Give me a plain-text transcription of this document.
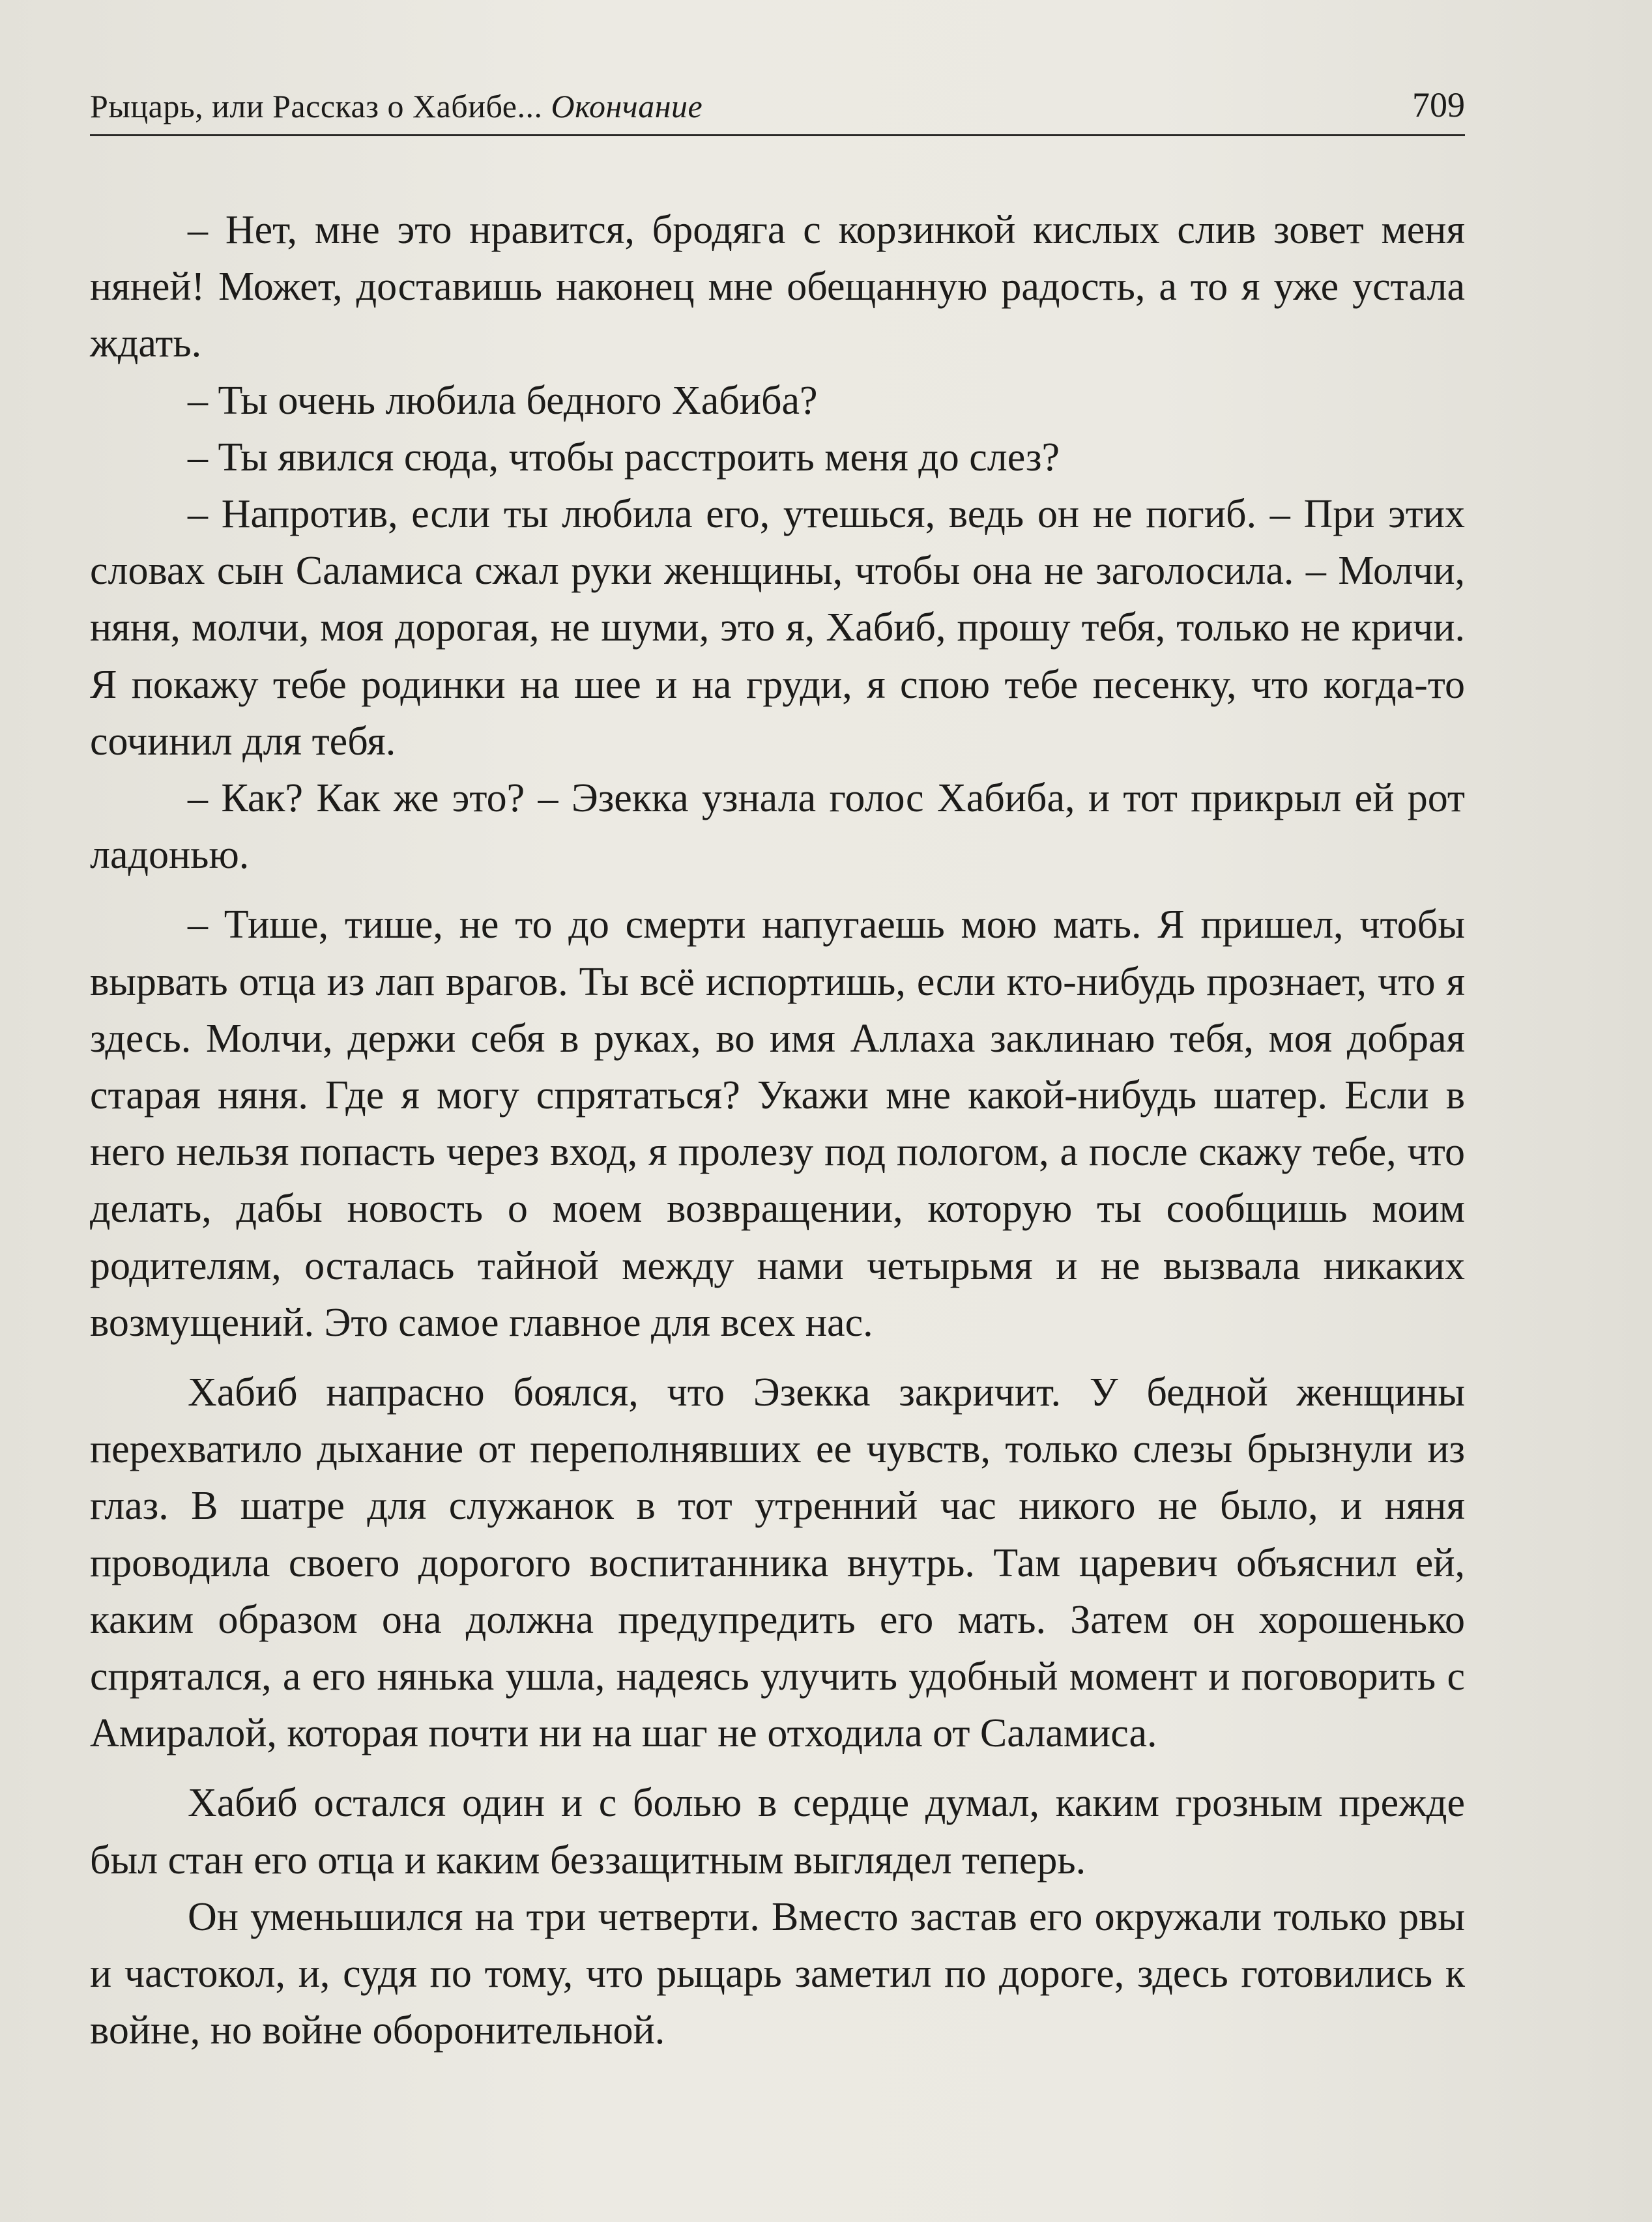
Рыцарь, или Рассказ о Хабибе... Окончание	709

– Нет, мне это нравится, бродяга с корзинкой кислых слив зовет меня няней! Может, доставишь наконец мне обещанную радость, а то я уже устала ждать.

– Ты очень любила бедного Хабиба?

– Ты явился сюда, чтобы расстроить меня до слез?

– Напротив, если ты любила его, утешься, ведь он не погиб. – При этих словах сын Саламиса сжал руки женщины, чтобы она не заголосила. – Молчи, няня, молчи, моя дорогая, не шуми, это я, Хабиб, прошу тебя, только не кричи. Я покажу тебе родинки на шее и на груди, я спою тебе песенку, что когда-то сочинил для тебя.

– Как? Как же это? – Эзекка узнала голос Хабиба, и тот прикрыл ей рот ладонью.

– Тише, тише, не то до смерти напугаешь мою мать. Я пришел, чтобы вырвать отца из лап врагов. Ты всё испортишь, если кто-нибудь прознает, что я здесь. Молчи, держи себя в руках, во имя Аллаха заклинаю тебя, моя добрая старая няня. Где я могу спрятаться? Укажи мне какой-нибудь шатер. Если в него нельзя попасть через вход, я пролезу под пологом, а после скажу тебе, что делать, дабы новость о моем возвращении, которую ты сообщишь моим родителям, осталась тайной между нами четырьмя и не вызвала никаких возмущений. Это самое главное для всех нас.

Хабиб напрасно боялся, что Эзекка закричит. У бедной женщины перехватило дыхание от переполнявших ее чувств, только слезы брызнули из глаз. В шатре для служанок в тот утренний час никого не было, и няня проводила своего дорогого воспитанника внутрь. Там царевич объяснил ей, каким образом она должна предупредить его мать. Затем он хорошенько спрятался, а его нянька ушла, надеясь улучить удобный момент и поговорить с Амиралой, которая почти ни на шаг не отходила от Саламиса.

Хабиб остался один и с болью в сердце думал, каким грозным прежде был стан его отца и каким беззащитным выглядел теперь.

Он уменьшился на три четверти. Вместо застав его окружали только рвы и частокол, и, судя по тому, что рыцарь заметил по дороге, здесь готовились к войне, но войне оборонительной.
